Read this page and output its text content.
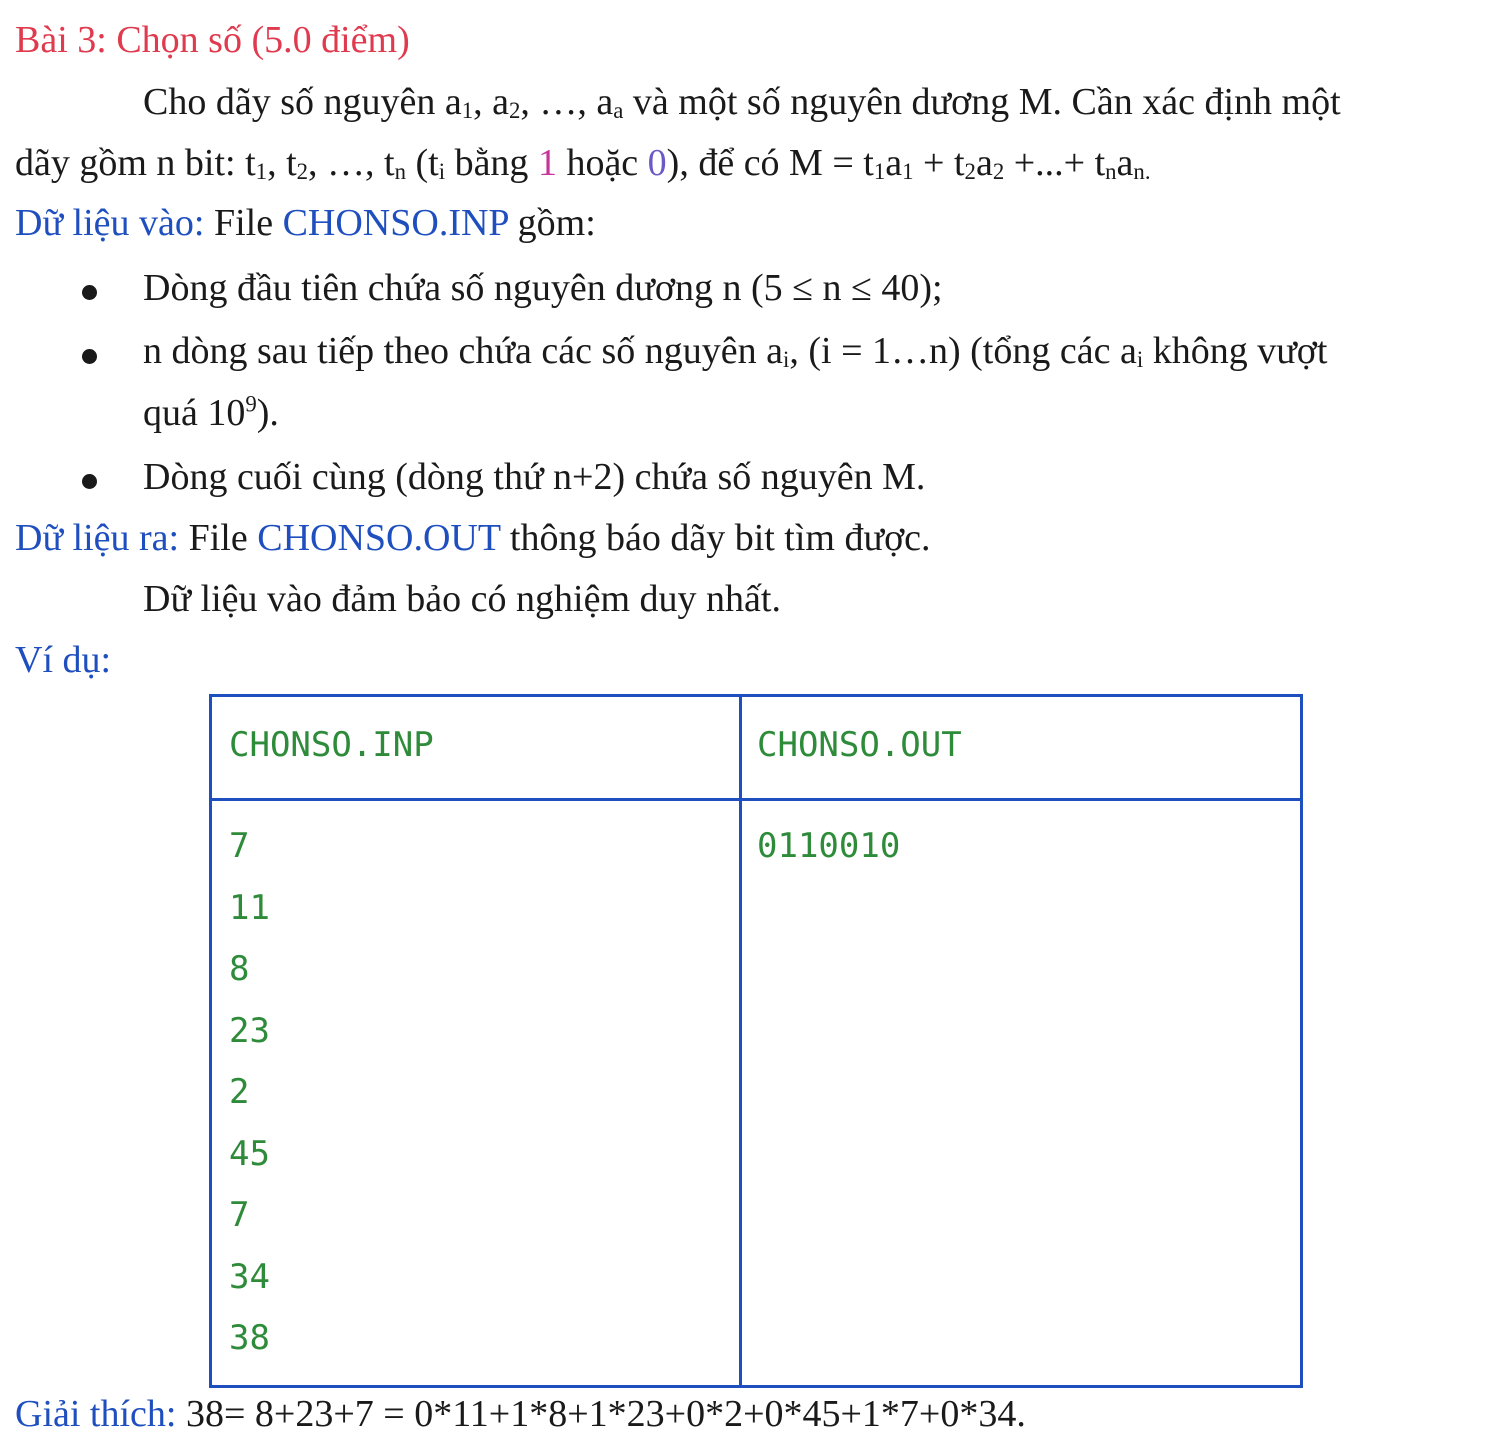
Bài 3: Chọn số (5.0 điểm)
Cho dãy số nguyên $a_1$, $a_2$, …, $a_a$ và một số nguyên dương M. Cần xác định một
dãy gồm n bit: $t_1$, $t_2$, …, $t_n$ ($t_i$ bằng 1 hoặc 0), để có $M = t_1a_1 + t_2a_2$ +...+ $t_na_{n.}$
Dữ liệu vào: File CHONSO.INP gồm:
Dòng đầu tiên chứa số nguyên dương n (5 ≤ n ≤ 40);
n dòng sau tiếp theo chứa các số nguyên $a_i$, (i = 1…n) (tổng các $a_i$ không vượt
quá $10^9$).
Dòng cuối cùng (dòng thứ n+2) chứa số nguyên M.
Dữ liệu ra: File CHONSO.OUT thông báo dãy bit tìm được.
Dữ liệu vào đảm bảo có nghiệm duy nhất.
Ví dụ:
CHONSO.INP	CHONSO.OUT
7
11
8
23
2
45
7
34
38
0110010
Giải thích: 38= 8+23+7 = 0*11+1*8+1*23+0*2+0*45+1*7+0*34.
